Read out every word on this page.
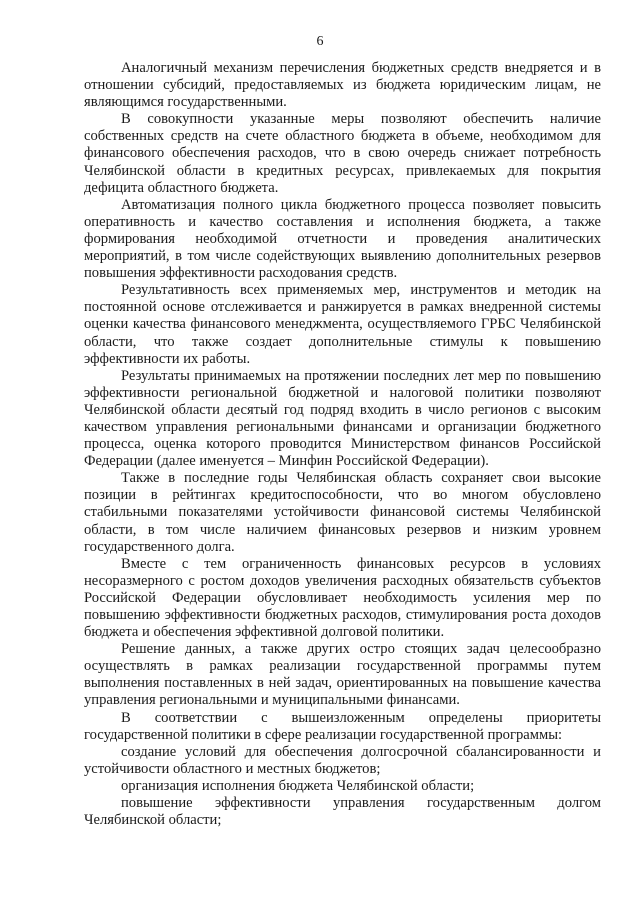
6

Аналогичный механизм перечисления бюджетных средств внедряется и в отношении субсидий, предоставляемых из бюджета юридическим лицам, не являющимся государственными.

В совокупности указанные меры позволяют обеспечить наличие собственных средств на счете областного бюджета в объеме, необходимом для финансового обеспечения расходов, что в свою очередь снижает потребность Челябинской области в кредитных ресурсах, привлекаемых для покрытия дефицита областного бюджета.

Автоматизация полного цикла бюджетного процесса позволяет повысить оперативность и качество составления и исполнения бюджета, а также формирования необходимой отчетности и проведения аналитических мероприятий, в том числе содействующих выявлению дополнительных резервов повышения эффективности расходования средств.

Результативность всех применяемых мер, инструментов и методик на постоянной основе отслеживается и ранжируется в рамках внедренной системы оценки качества финансового менеджмента, осуществляемого ГРБС Челябинской области, что также создает дополнительные стимулы к повышению эффективности их работы.

Результаты принимаемых на протяжении последних лет мер по повышению эффективности региональной бюджетной и налоговой политики позволяют Челябинской области десятый год подряд входить в число регионов с высоким качеством управления региональными финансами и организации бюджетного процесса, оценка которого проводится Министерством финансов Российской Федерации (далее именуется – Минфин Российской Федерации).

Также в последние годы Челябинская область сохраняет свои высокие позиции в рейтингах кредитоспособности, что во многом обусловлено стабильными показателями устойчивости финансовой системы Челябинской области, в том числе наличием финансовых резервов и низким уровнем государственного долга.

Вместе с тем ограниченность финансовых ресурсов в условиях несоразмерного с ростом доходов увеличения расходных обязательств субъектов Российской Федерации обусловливает необходимость усиления мер по повышению эффективности бюджетных расходов, стимулирования роста доходов бюджета и обеспечения эффективной долговой политики.

Решение данных, а также других остро стоящих задач целесообразно осуществлять в рамках реализации государственной программы путем выполнения поставленных в ней задач, ориентированных на повышение качества управления региональными и муниципальными финансами.

В соответствии с вышеизложенным определены приоритеты государственной политики в сфере реализации государственной программы:

создание условий для обеспечения долгосрочной сбалансированности и устойчивости областного и местных бюджетов;

организация исполнения бюджета Челябинской области;

повышение эффективности управления государственным долгом Челябинской области;
